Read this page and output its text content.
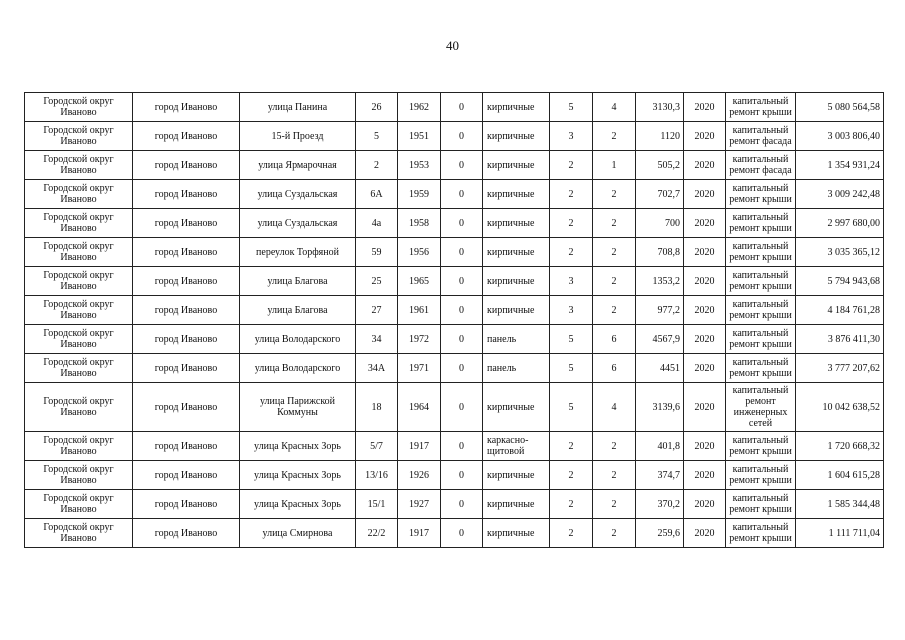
40
Городской округ Иваново	город Иваново	улица Панина	26	1962	0	кирпичные	5	4	3130,3	2020	капитальный ремонт крыши	5 080 564,58
Городской округ Иваново	город Иваново	15-й Проезд	5	1951	0	кирпичные	3	2	1120	2020	капитальный ремонт фасада	3 003 806,40
Городской округ Иваново	город Иваново	улица Ярмарочная	2	1953	0	кирпичные	2	1	505,2	2020	капитальный ремонт фасада	1 354 931,24
Городской округ Иваново	город Иваново	улица Суздальская	6А	1959	0	кирпичные	2	2	702,7	2020	капитальный ремонт крыши	3 009 242,48
Городской округ Иваново	город Иваново	улица Суздальская	4а	1958	0	кирпичные	2	2	700	2020	капитальный ремонт крыши	2 997 680,00
Городской округ Иваново	город Иваново	переулок Торфяной	59	1956	0	кирпичные	2	2	708,8	2020	капитальный ремонт крыши	3 035 365,12
Городской округ Иваново	город Иваново	улица Благова	25	1965	0	кирпичные	3	2	1353,2	2020	капитальный ремонт крыши	5 794 943,68
Городской округ Иваново	город Иваново	улица Благова	27	1961	0	кирпичные	3	2	977,2	2020	капитальный ремонт крыши	4 184 761,28
Городской округ Иваново	город Иваново	улица Володарского	34	1972	0	панель	5	6	4567,9	2020	капитальный ремонт крыши	3 876 411,30
Городской округ Иваново	город Иваново	улица Володарского	34А	1971	0	панель	5	6	4451	2020	капитальный ремонт крыши	3 777 207,62
Городской округ Иваново	город Иваново	улица Парижской Коммуны	18	1964	0	кирпичные	5	4	3139,6	2020	капитальный ремонт инженерных сетей	10 042 638,52
Городской округ Иваново	город Иваново	улица Красных Зорь	5/7	1917	0	каркасно-щитовой	2	2	401,8	2020	капитальный ремонт крыши	1 720 668,32
Городской округ Иваново	город Иваново	улица Красных Зорь	13/16	1926	0	кирпичные	2	2	374,7	2020	капитальный ремонт крыши	1 604 615,28
Городской округ Иваново	город Иваново	улица Красных Зорь	15/1	1927	0	кирпичные	2	2	370,2	2020	капитальный ремонт крыши	1 585 344,48
Городской округ Иваново	город Иваново	улица Смирнова	22/2	1917	0	кирпичные	2	2	259,6	2020	капитальный ремонт крыши	1 111 711,04
